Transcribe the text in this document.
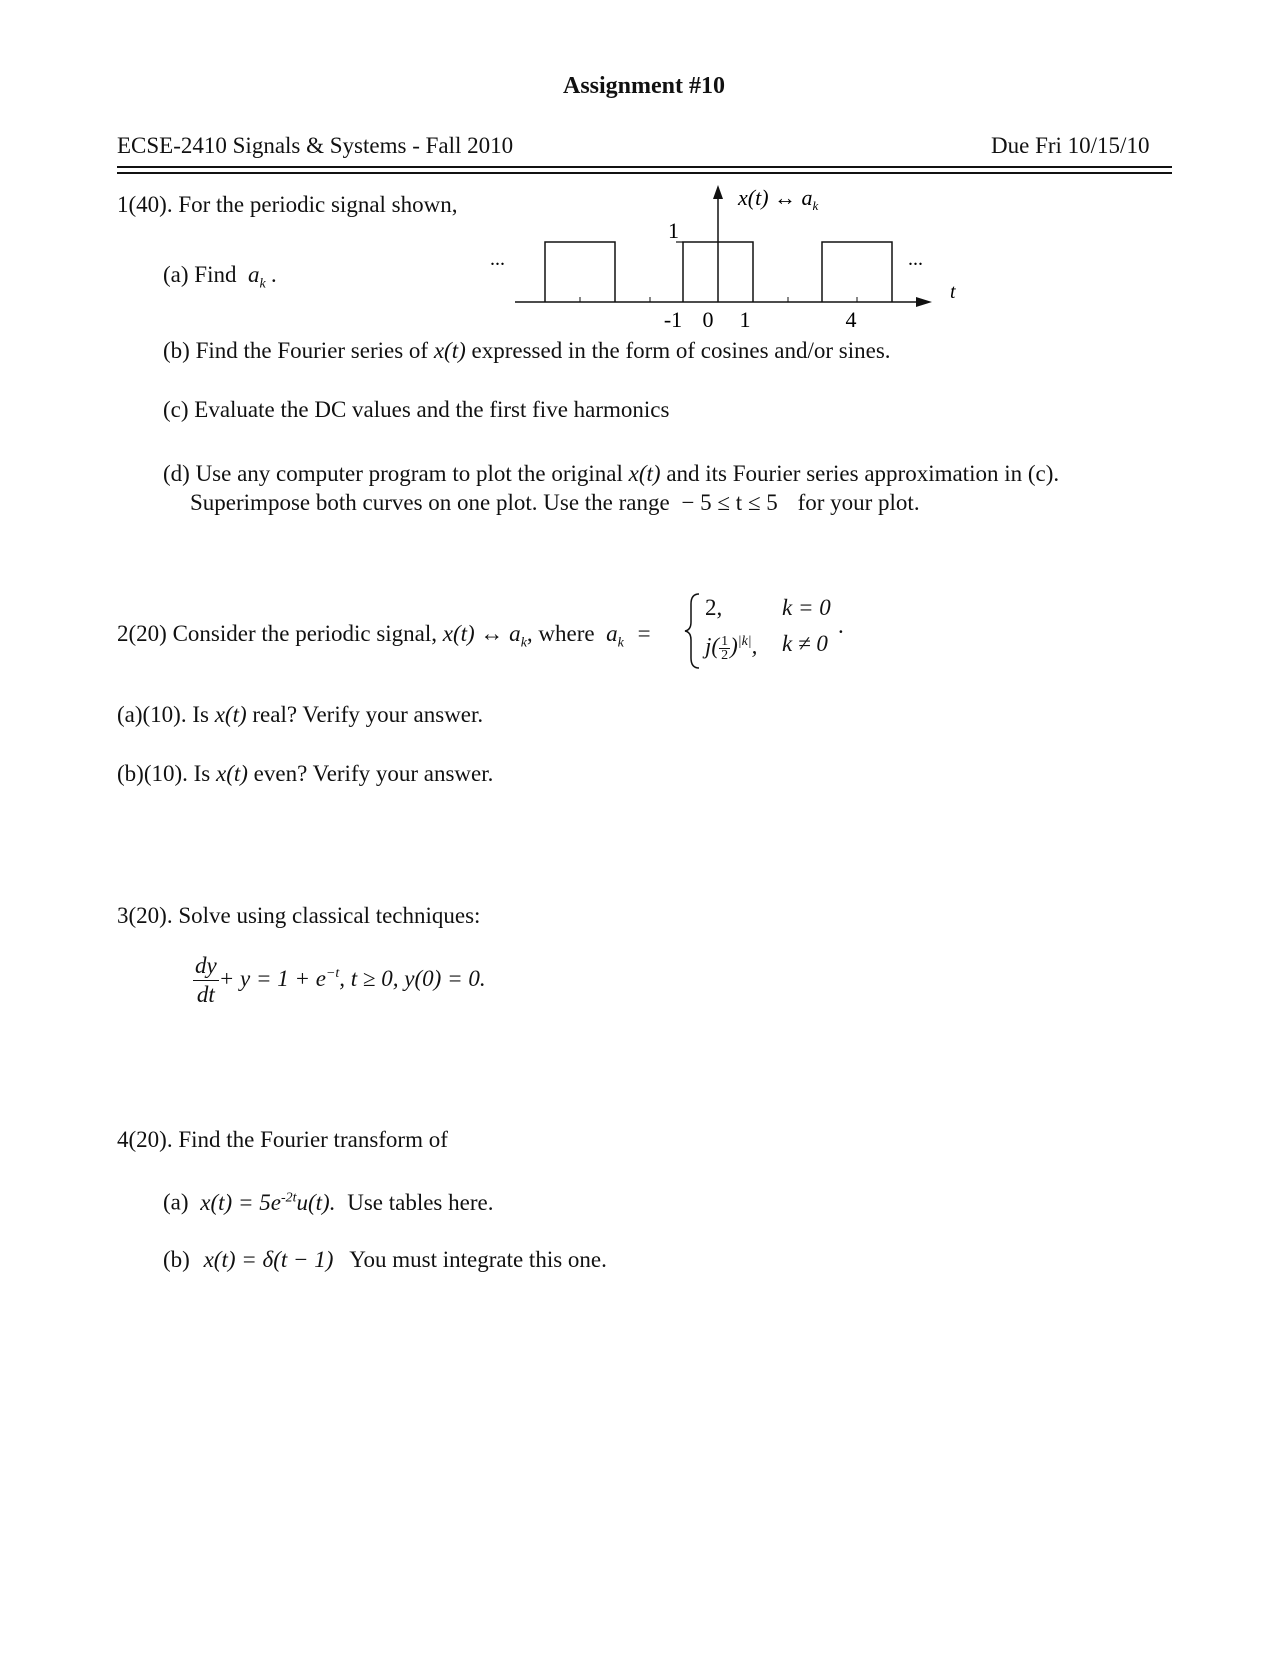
Assignment #10
ECSE-2410 Signals & Systems - Fall 2010	Due Fri 10/15/10
1(40). For the periodic signal shown,
(a) Find  $a_k$ .
x(t) ↔ $a_k$
1
...	...
t
-1 0 1	4
(b) Find the Fourier series of x(t) expressed in the form of cosines and/or sines.
(c) Evaluate the DC values and the first five harmonics
(d) Use any computer program to plot the original x(t) and its Fourier series approximation in (c).
Superimpose both curves on one plot. Use the range − 5 ≤ t ≤ 5 for your plot.
2(20) Consider the periodic signal, x(t) ↔ $a_k$, where  $a_k$ =
2,	k = 0
$j( \frac{1}{2} )^{|k|}$, k ≠ 0
.
(a)(10). Is x(t) real? Verify your answer.
(b)(10). Is x(t) even? Verify your answer.
3(20). Solve using classical techniques:
$\frac{dy}{dt} + y = 1 + e^{-t}$, t ≥ 0, y(0) = 0.
4(20). Find the Fourier transform of
(a) $x(t) = 5e^{-2t}u(t)$. Use tables here.
(b) x(t) = δ(t − 1) You must integrate this one.
